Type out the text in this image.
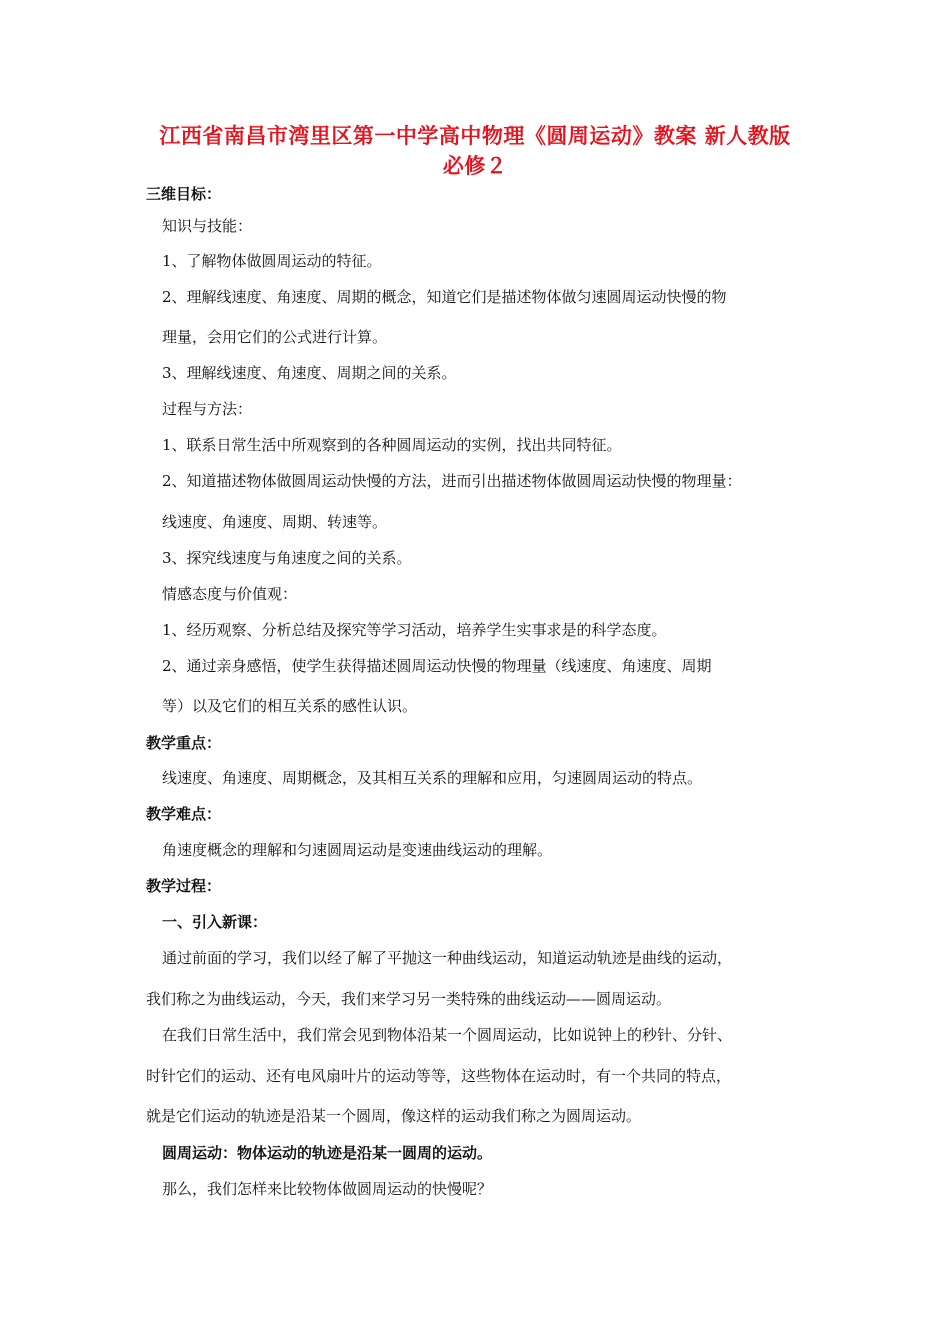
江西省南昌市湾里区第一中学高中物理《圆周运动》教案 新人教版
必修２
三维目标：
知识与技能：
1、了解物体做圆周运动的特征。
2、理解线速度、角速度、周期的概念，知道它们是描述物体做匀速圆周运动快慢的物
理量，会用它们的公式进行计算。
3、理解线速度、角速度、周期之间的关系。
过程与方法：
1、联系日常生活中所观察到的各种圆周运动的实例，找出共同特征。
2、知道描述物体做圆周运动快慢的方法，进而引出描述物体做圆周运动快慢的物理量：
线速度、角速度、周期、转速等。
3、探究线速度与角速度之间的关系。
情感态度与价值观：
1、经历观察、分析总结及探究等学习活动，培养学生实事求是的科学态度。
2、通过亲身感悟，使学生获得描述圆周运动快慢的物理量（线速度、角速度、周期
等）以及它们的相互关系的感性认识。
教学重点：
线速度、角速度、周期概念，及其相互关系的理解和应用，匀速圆周运动的特点。
教学难点：
角速度概念的理解和匀速圆周运动是变速曲线运动的理解。
教学过程：
一、引入新课：
通过前面的学习，我们以经了解了平抛这一种曲线运动，知道运动轨迹是曲线的运动，
我们称之为曲线运动，今天，我们来学习另一类特殊的曲线运动——圆周运动。
在我们日常生活中，我们常会见到物体沿某一个圆周运动，比如说钟上的秒针、分针、
时针它们的运动、还有电风扇叶片的运动等等，这些物体在运动时，有一个共同的特点，
就是它们运动的轨迹是沿某一个圆周，像这样的运动我们称之为圆周运动。
圆周运动：物体运动的轨迹是沿某一圆周的运动。
那么，我们怎样来比较物体做圆周运动的快慢呢？
